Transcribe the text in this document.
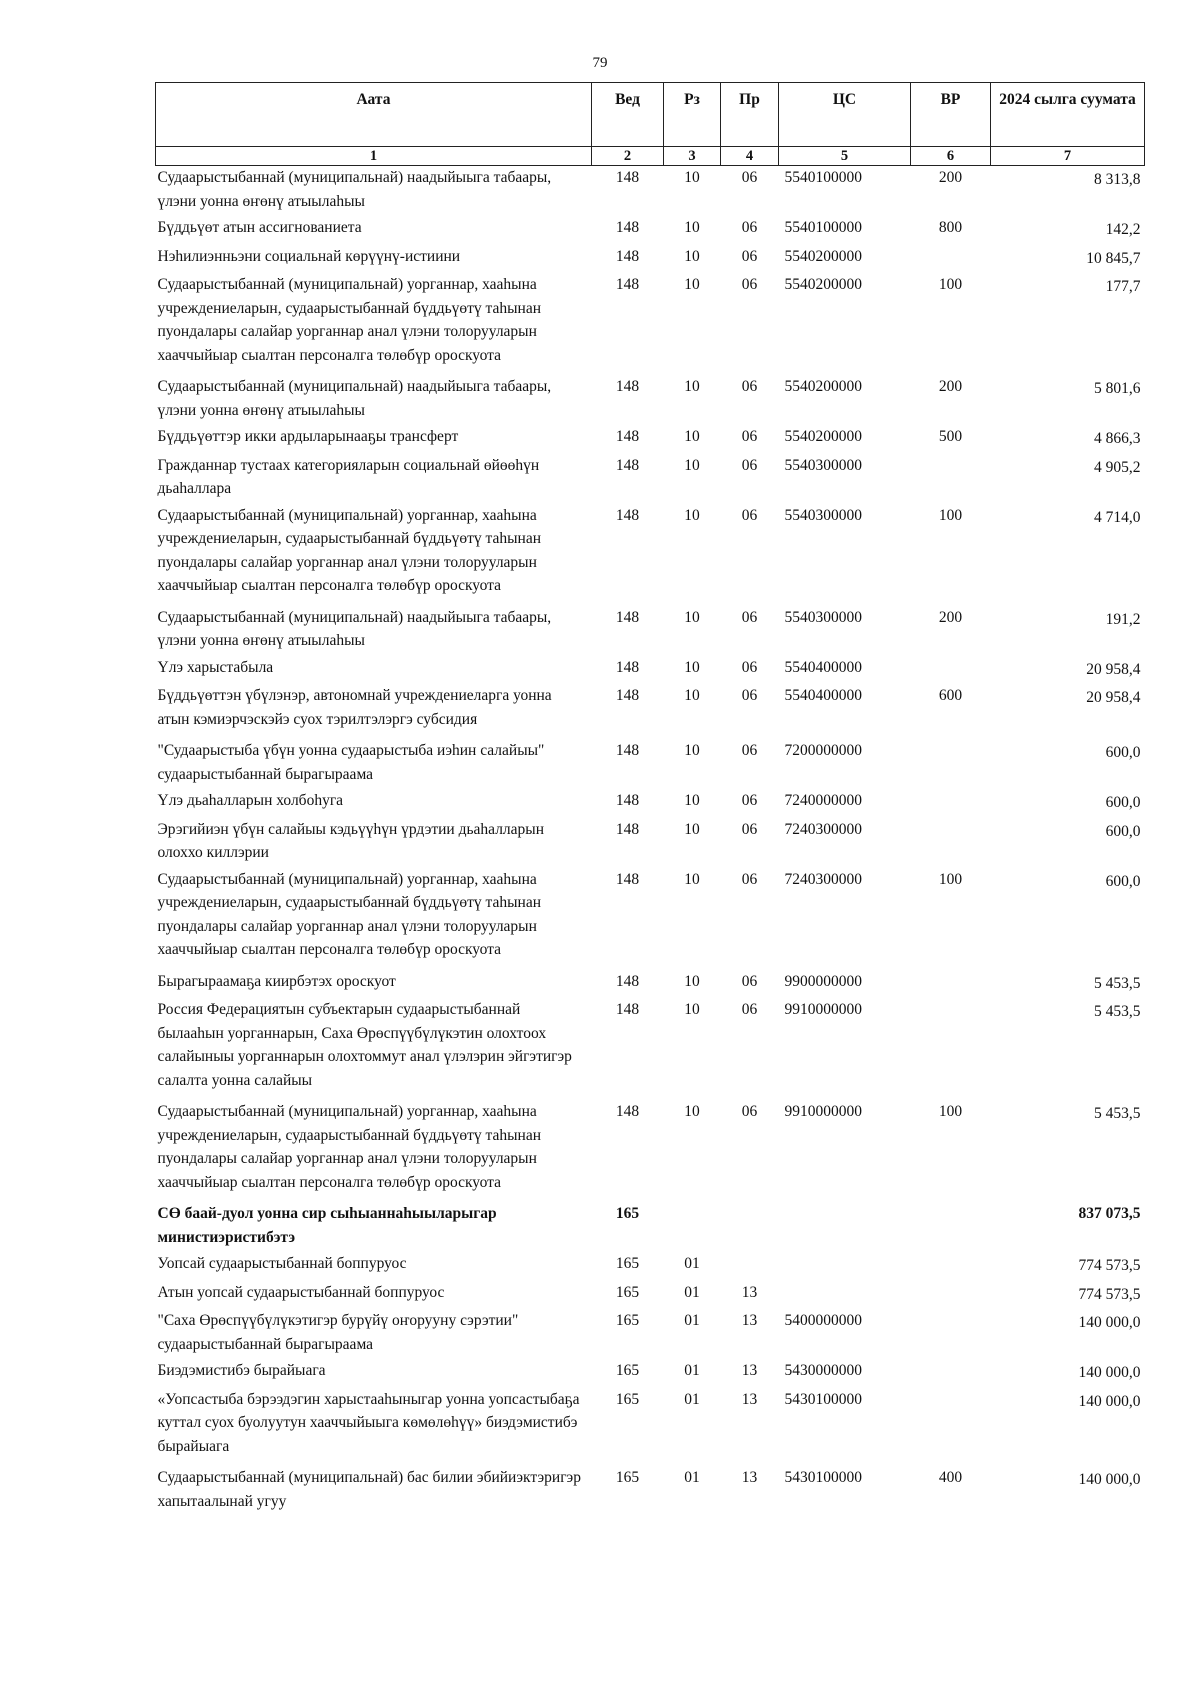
79
Аата	Вед	Рз	Пр	ЦС	ВР	2024 сылга суумата
1	2	3	4	5	6	7
Судаарыстыбаннай (муниципальнай) наадыйыыга табаары, үлэни уонна өҥөнү атыылаһыы	148	10	06	5540100000	200	8 313,8
Бүддьүөт атын ассигнованиета	148	10	06	5540100000	800	142,2
Нэһилиэнньэни социальнай көрүүнү-истиини	148	10	06	5540200000		10 845,7
Судаарыстыбаннай (муниципальнай) уорганнар, хааһына учреждениеларын, судаарыстыбаннай бүддьүөтү таһынан пуондалары салайар уорганнар анал үлэни толорууларын хааччыйыар сыалтан персоналга төлөбүр ороскуота	148	10	06	5540200000	100	177,7
Судаарыстыбаннай (муниципальнай) наадыйыыга табаары, үлэни уонна өҥөнү атыылаһыы	148	10	06	5540200000	200	5 801,6
Бүддьүөттэр икки ардыларынааҕы трансферт	148	10	06	5540200000	500	4 866,3
Гражданнар тустаах категорияларын социальнай өйөөһүн дьаһаллара	148	10	06	5540300000		4 905,2
Судаарыстыбаннай (муниципальнай) уорганнар, хааһына учреждениеларын, судаарыстыбаннай бүддьүөтү таһынан пуондалары салайар уорганнар анал үлэни толорууларын хааччыйыар сыалтан персоналга төлөбүр ороскуота	148	10	06	5540300000	100	4 714,0
Судаарыстыбаннай (муниципальнай) наадыйыыга табаары, үлэни уонна өҥөнү атыылаһыы	148	10	06	5540300000	200	191,2
Үлэ харыстабыла	148	10	06	5540400000		20 958,4
Бүддьүөттэн үбүлэнэр, автономнай учреждениеларга уонна атын кэмиэрчэскэйэ суох тэрилтэлэргэ субсидия	148	10	06	5540400000	600	20 958,4
"Судаарыстыба үбүн уонна судаарыстыба иэһин салайыы" судаарыстыбаннай бырагыраама	148	10	06	7200000000		600,0
Үлэ дьаһалларын холбоһуга	148	10	06	7240000000		600,0
Эрэгийиэн үбүн салайыы кэдьүүһүн үрдэтии дьаһалларын олоххо киллэрии	148	10	06	7240300000		600,0
Судаарыстыбаннай (муниципальнай) уорганнар, хааһына учреждениеларын, судаарыстыбаннай бүддьүөтү таһынан пуондалары салайар уорганнар анал үлэни толорууларын хааччыйыар сыалтан персоналга төлөбүр ороскуота	148	10	06	7240300000	100	600,0
Бырагыраамаҕа киирбэтэх ороскуот	148	10	06	9900000000		5 453,5
Россия Федерациятын субъектарын судаарыстыбаннай былааһын уорганнарын, Саха Өрөспүүбүлүкэтин олохтоох салайыныы уорганнарын олохтоммут анал үлэлэрин эйгэтигэр салалта уонна салайыы	148	10	06	9910000000		5 453,5
Судаарыстыбаннай (муниципальнай) уорганнар, хааһына учреждениеларын, судаарыстыбаннай бүддьүөтү таһынан пуондалары салайар уорганнар анал үлэни толорууларын хааччыйыар сыалтан персоналга төлөбүр ороскуота	148	10	06	9910000000	100	5 453,5
СӨ баай-дуол уонна сир сыһыаннаһыыларыгар министиэристибэтэ	165					837 073,5
Уопсай судаарыстыбаннай боппуруос	165	01				774 573,5
Атын уопсай судаарыстыбаннай боппуруос	165	01	13			774 573,5
"Саха Өрөспүүбүлүкэтигэр бурүйү оҥорууну сэрэтии" судаарыстыбаннай бырагыраама	165	01	13	5400000000		140 000,0
Биэдэмистибэ бырайыага	165	01	13	5430000000		140 000,0
«Уопсастыба бэрээдэгин харыстааһыныгар уонна уопсастыбаҕа куттал суох буолуутун хааччыйыыга көмөлөһүү» биэдэмистибэ бырайыага	165	01	13	5430100000		140 000,0
Судаарыстыбаннай (муниципальнай) бас билии эбийиэктэригэр хапытаалынай угуу	165	01	13	5430100000	400	140 000,0
